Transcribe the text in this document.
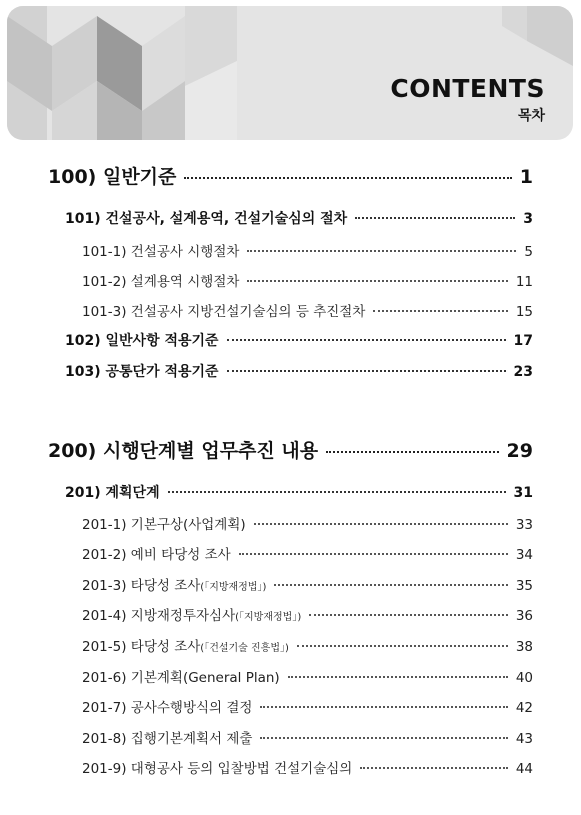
CONTENTS
목차
100) 일반기준	1
101) 건설공사, 설계용역, 건설기술심의 절차	3
101-1) 건설공사 시행절차	5
101-2) 설계용역 시행절차	11
101-3) 건설공사 지방건설기술심의 등 추진절차	15
102) 일반사항 적용기준	17
103) 공통단가 적용기준	23
200) 시행단계별 업무추진 내용	29
201) 계획단계	31
201-1) 기본구상(사업계획)	33
201-2) 예비 타당성 조사	34
201-3) 타당성 조사(「지방재정법」)	35
201-4) 지방재정투자심사(「지방재정법」)	36
201-5) 타당성 조사(「건설기술 진흥법」)	38
201-6) 기본계획(General Plan)	40
201-7) 공사수행방식의 결정	42
201-8) 집행기본계획서 제출	43
201-9) 대형공사 등의 입찰방법 건설기술심의	44
